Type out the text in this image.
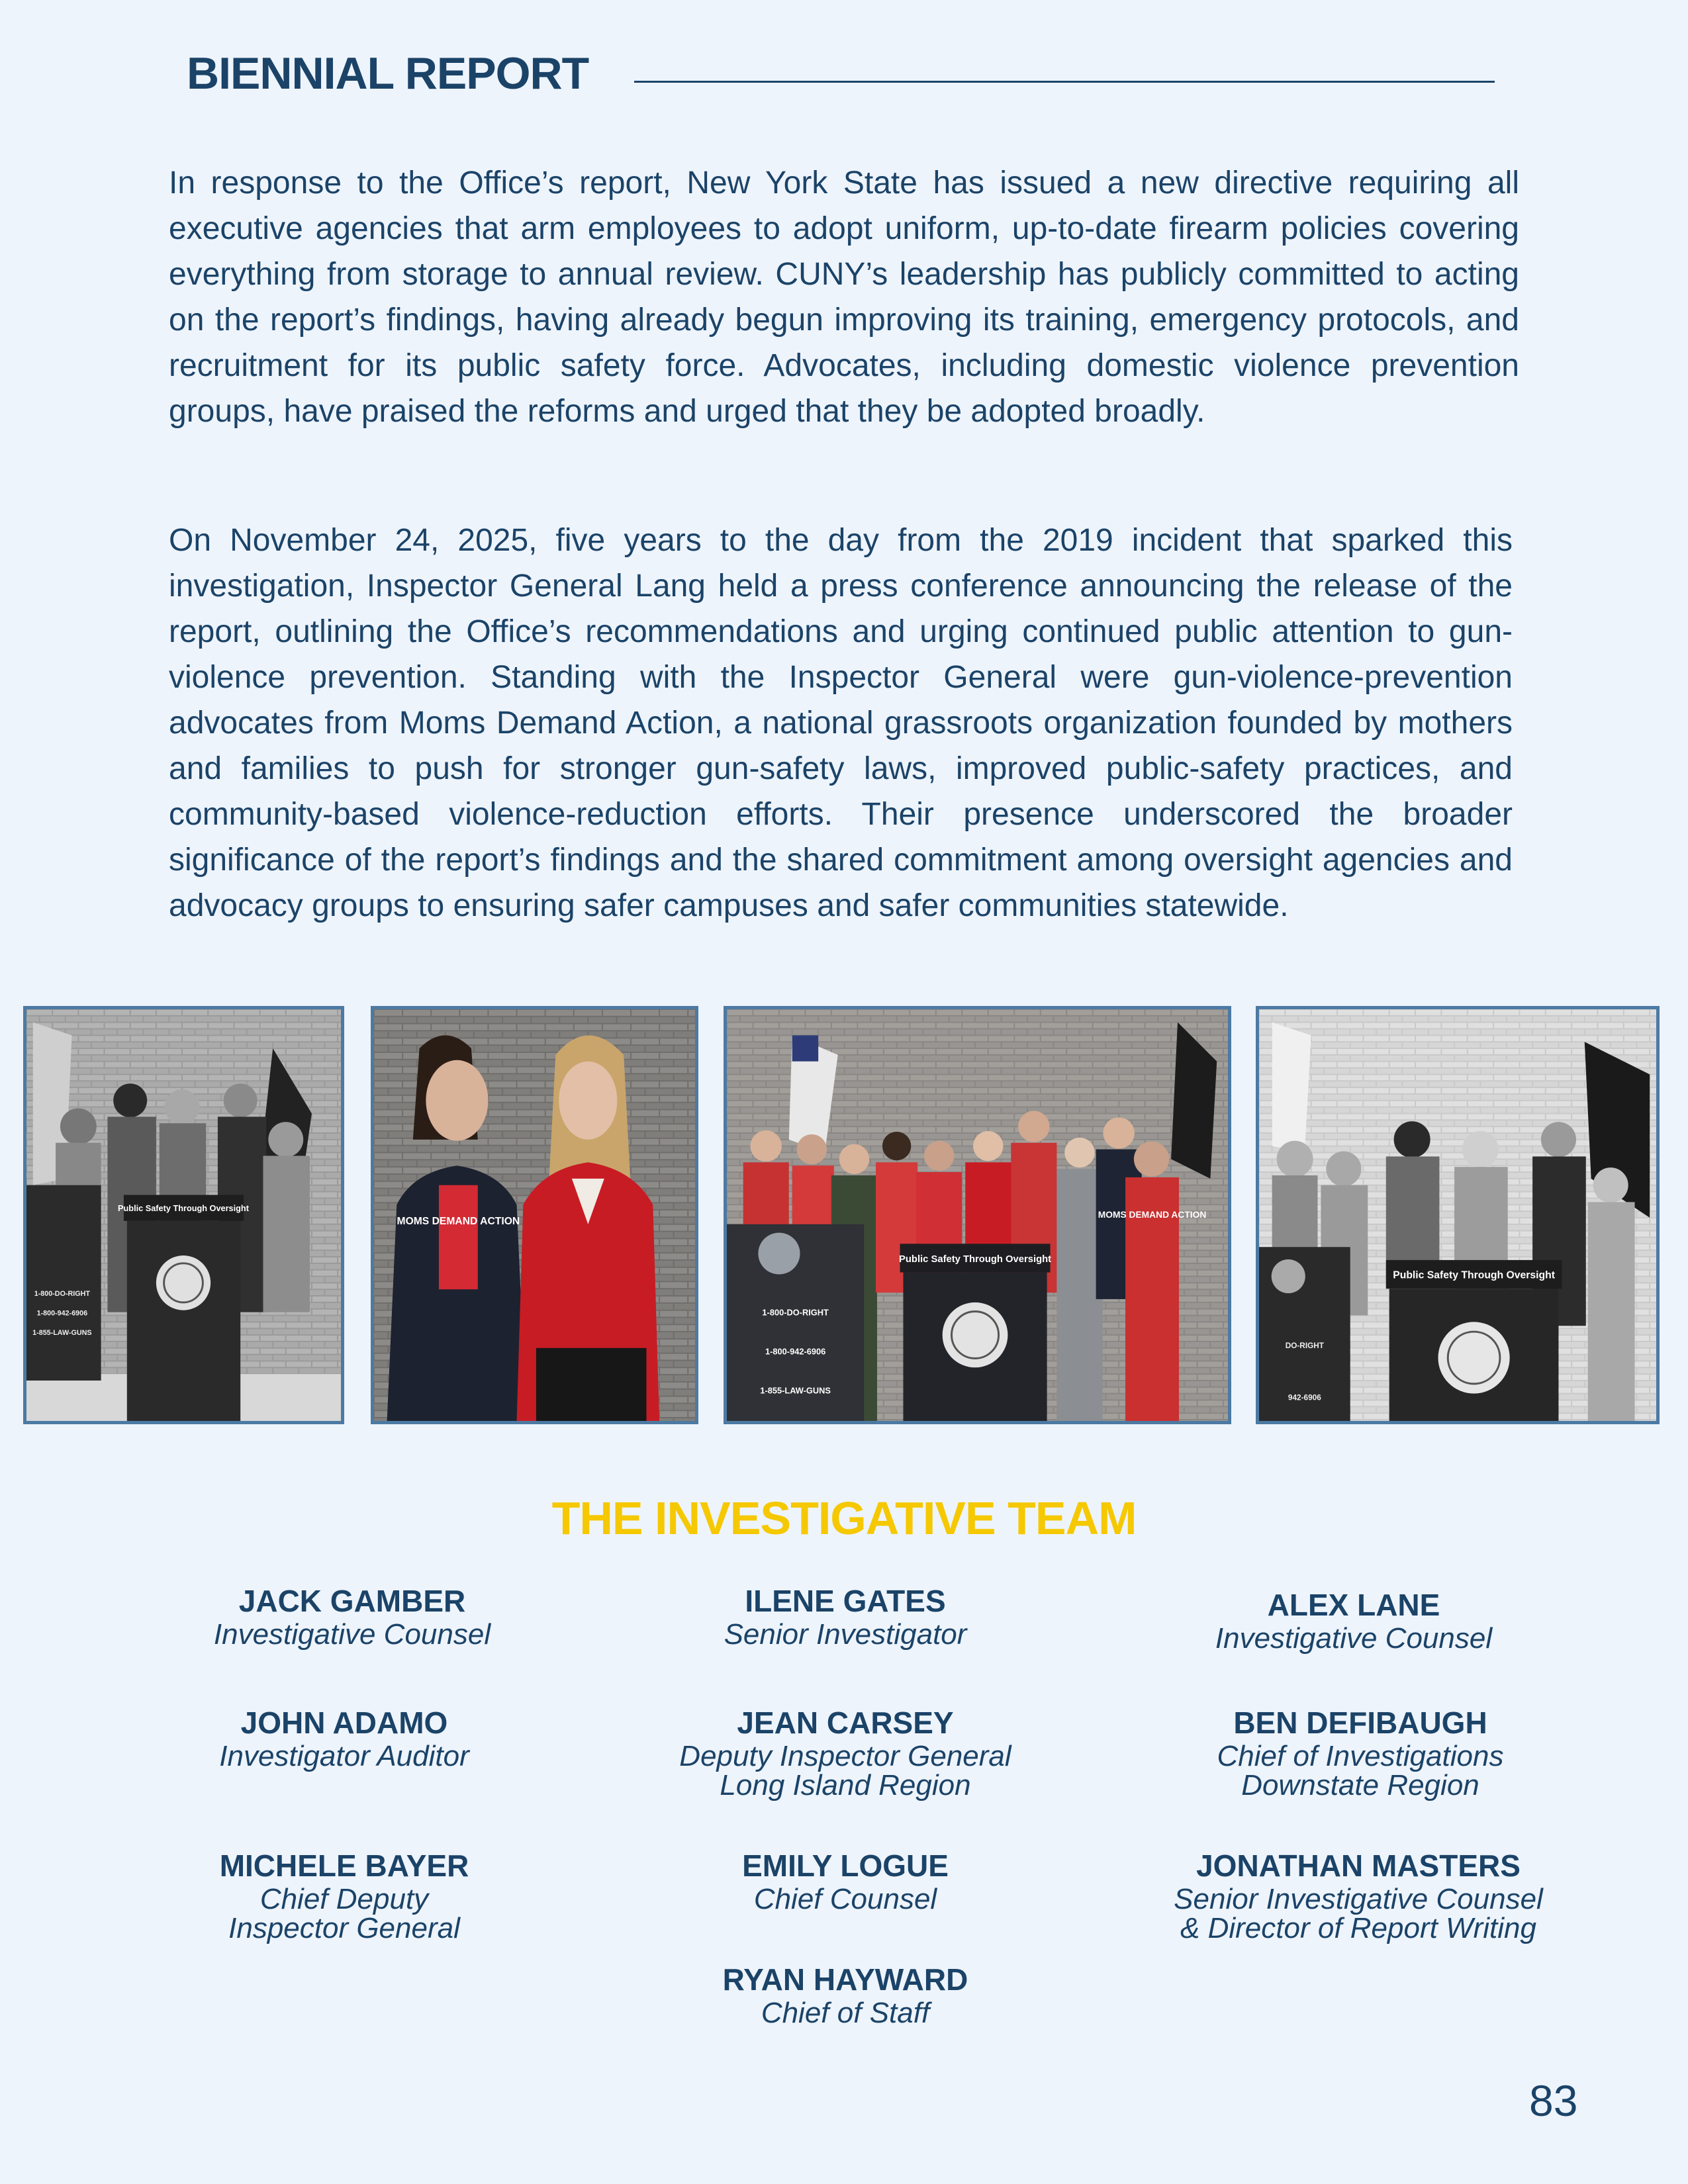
BIENNIAL REPORT

In response to the Office’s report, New York State has issued a new directive requiring all executive agencies that arm employees to adopt uniform, up-to-date firearm policies covering everything from storage to annual review. CUNY’s leadership has publicly committed to acting on the report’s findings, having already begun improving its training, emergency protocols, and recruitment for its public safety force. Advocates, including domestic violence prevention groups, have praised the reforms and urged that they be adopted broadly.

On November 24, 2025, five years to the day from the 2019 incident that sparked this investigation, Inspector General Lang held a press conference announcing the release of the report, outlining the Office’s recommendations and urging continued public attention to gun-violence prevention. Standing with the Inspector General were gun-violence-prevention advocates from Moms Demand Action, a national grassroots organization founded by mothers and families to push for stronger gun-safety laws, improved public-safety practices, and community-based violence-reduction efforts. Their presence underscored the broader significance of the report’s findings and the shared commitment among oversight agencies and advocacy groups to ensuring safer campuses and safer communities statewide.

Public Safety Through Oversight
1-800-DO-RIGHT
1-800-942-6906
1-855-LAW-GUNS
MOMS DEMAND ACTION
MOMS DEMAND ACTION
1-800-DO-RIGHT
1-800-942-6906
1-855-LAW-GUNS
Public Safety Through Oversight
DO-RIGHT
942-6906
Public Safety Through Oversight
THE INVESTIGATIVE TEAM
JACK GAMBER
Investigative Counsel
ILENE GATES
Senior Investigator
ALEX LANE
Investigative Counsel
JOHN ADAMO
Investigator Auditor
JEAN CARSEY
Deputy Inspector General
Long Island Region
BEN DEFIBAUGH
Chief of Investigations
Downstate Region
MICHELE BAYER
Chief Deputy
Inspector General
EMILY LOGUE
Chief Counsel
JONATHAN MASTERS
Senior Investigative Counsel
& Director of Report Writing
RYAN HAYWARD
Chief of Staff

83
